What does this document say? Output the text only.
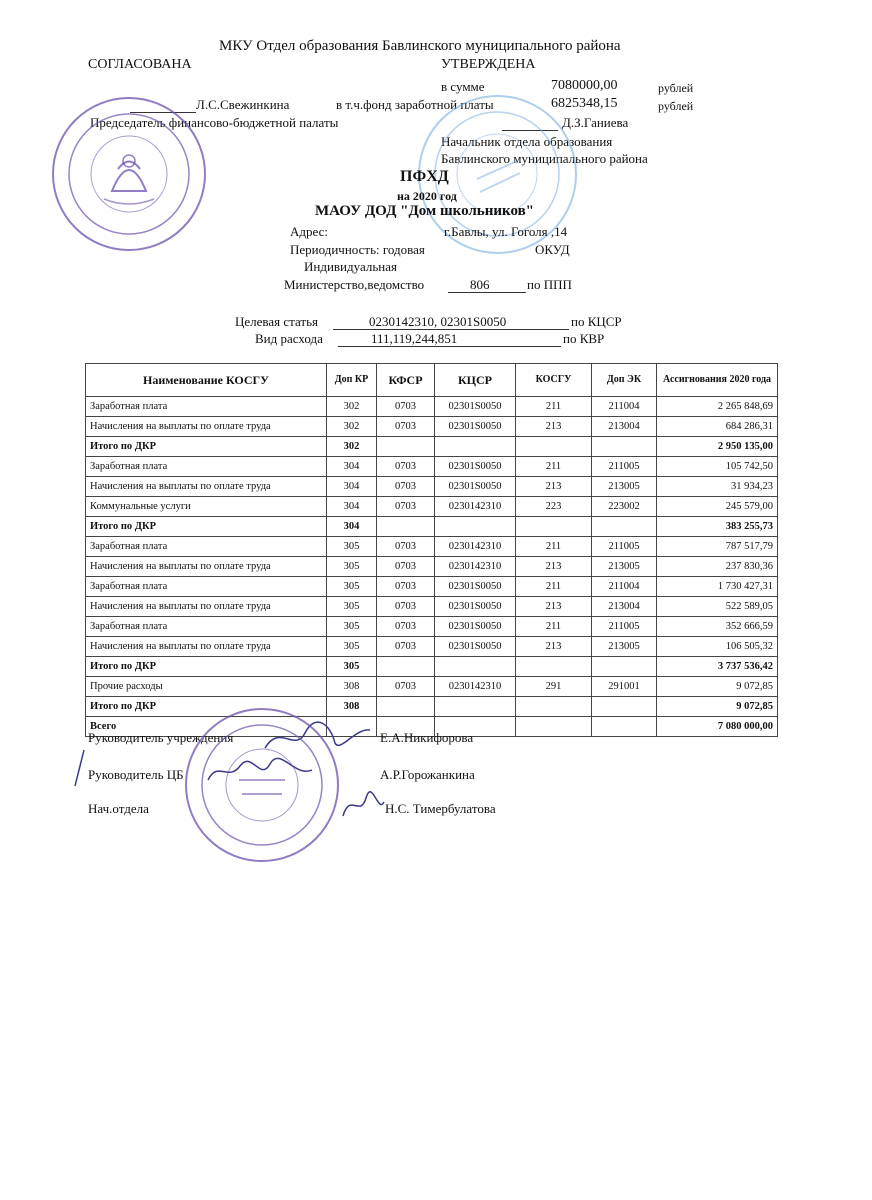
МКУ Отдел образования Бавлинского муниципального района
СОГЛАСОВАНА	УТВЕРЖДЕНА
в сумме	7080000,00	рублей
Л.С.Свежинкина	в т.ч.фонд заработной платы	6825348,15	рублей
Председатель финансово-бюджетной палаты	Д.З.Ганиева
Начальник отдела образования
Бавлинского муниципального района
ПФХД
на 2020 год
МАОУ ДОД "Дом школьников"
Адрес:	г.Бавлы, ул. Гоголя ,14
Периодичность: годовая	ОКУД
Индивидуальная
Министерство,ведомство	806	по ППП
Целевая статья	0230142310, 02301S0050	по КЦСР
Вид расхода	111,119,244,851	по КВР
Наименование КОСГУ	Доп КР	КФСР	КЦСР	КОСГУ	Доп ЭК	Ассигнования 2020 года
Заработная плата	302	0703	02301S0050	211	211004	2 265 848,69
Начисления на выплаты по оплате труда	302	0703	02301S0050	213	213004	684 286,31
Итого по ДКР	302					2 950 135,00
Заработная плата	304	0703	02301S0050	211	211005	105 742,50
Начисления на выплаты по оплате труда	304	0703	02301S0050	213	213005	31 934,23
Коммунальные услуги	304	0703	0230142310	223	223002	245 579,00
Итого по ДКР	304					383 255,73
Заработная плата	305	0703	0230142310	211	211005	787 517,79
Начисления на выплаты по оплате труда	305	0703	0230142310	213	213005	237 830,36
Заработная плата	305	0703	02301S0050	211	211004	1 730 427,31
Начисления на выплаты по оплате труда	305	0703	02301S0050	213	213004	522 589,05
Заработная плата	305	0703	02301S0050	211	211005	352 666,59
Начисления на выплаты по оплате труда	305	0703	02301S0050	213	213005	106 505,32
Итого по ДКР	305					3 737 536,42
Прочие расходы	308	0703	0230142310	291	291001	9 072,85
Итого по ДКР	308					9 072,85
Всего						7 080 000,00
Руководитель учреждения	Е.А.Никифорова
Руководитель ЦБ	А.Р.Горожанкина
Нач.отдела	Н.С. Тимербулатова
